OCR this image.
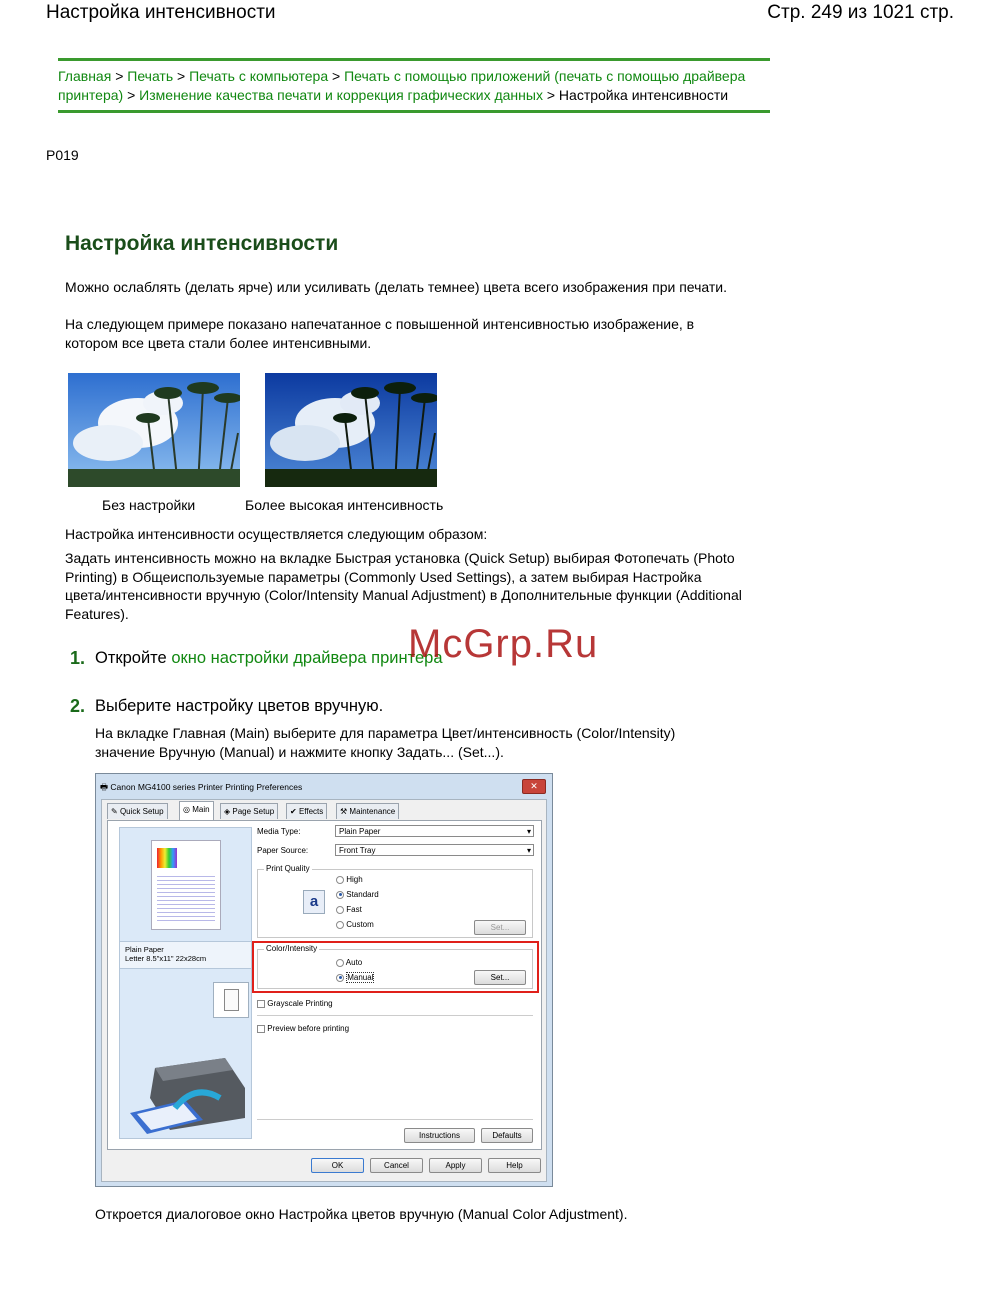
Настройка интенсивности	Стр. 249 из 1021 стр.
Главная > Печать > Печать с компьютера > Печать с помощью приложений (печать с помощью драйвера принтера) > Изменение качества печати и коррекция графических данных > Настройка интенсивности
P019
Настройка интенсивности
Можно ослаблять (делать ярче) или усиливать (делать темнее) цвета всего изображения при печати.
На следующем примере показано напечатанное с повышенной интенсивностью изображение, в котором все цвета стали более интенсивными.
Без настройки	Более высокая интенсивность
Настройка интенсивности осуществляется следующим образом:
Задать интенсивность можно на вкладке Быстрая установка (Quick Setup) выбирая Фотопечать (Photo Printing) в Общеиспользуемые параметры (Commonly Used Settings), а затем выбирая Настройка цвета/интенсивности вручную (Color/Intensity Manual Adjustment) в Дополнительные функции (Additional Features).
1. Откройте окно настройки драйвера принтера
McGrp.Ru
2. Выберите настройку цветов вручную.
На вкладке Главная (Main) выберите для параметра Цвет/интенсивность (Color/Intensity) значение Вручную (Manual) и нажмите кнопку Задать... (Set...).
🖶 Canon MG4100 series Printer Printing Preferences	✕
✎ Quick Setup	◎ Main	◈ Page Setup	✔ Effects	⚒ Maintenance
Plain Paper
Letter 8.5"x11" 22x28cm
Media Type:	Plain Paper ▾
Paper Source:	Front Tray ▾
Print Quality
a
High
Standard
Fast
Custom	Set...
Color/Intensity
Auto
Manual	Set...
Grayscale Printing
Preview before printing
Instructions	Defaults
OK	Cancel	Apply	Help
Откроется диалоговое окно Настройка цветов вручную (Manual Color Adjustment).
